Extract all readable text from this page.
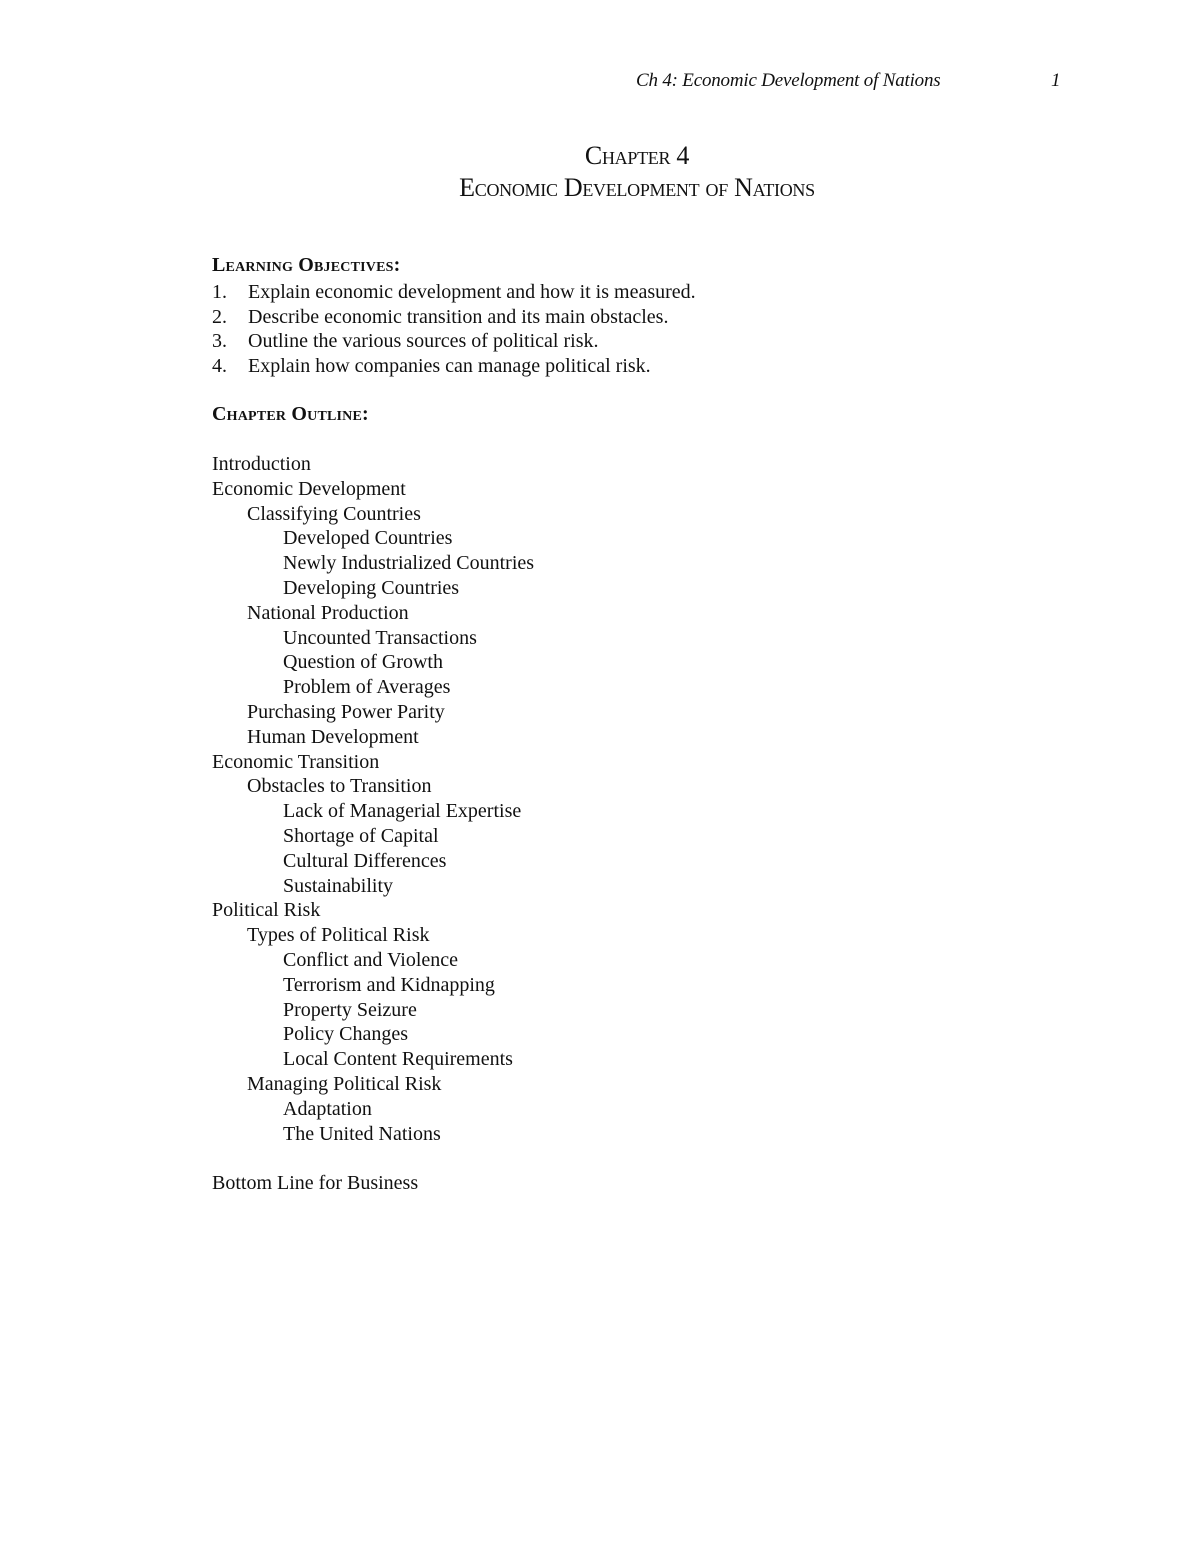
Ch 4: Economic Development of Nations	1
Chapter 4
Economic Development of Nations
Learning Objectives:
1. Explain economic development and how it is measured.
2. Describe economic transition and its main obstacles.
3. Outline the various sources of political risk.
4. Explain how companies can manage political risk.
Chapter Outline:
Introduction
Economic Development
Classifying Countries
Developed Countries
Newly Industrialized Countries
Developing Countries
National Production
Uncounted Transactions
Question of Growth
Problem of Averages
Purchasing Power Parity
Human Development
Economic Transition
Obstacles to Transition
Lack of Managerial Expertise
Shortage of Capital
Cultural Differences
Sustainability
Political Risk
Types of Political Risk
Conflict and Violence
Terrorism and Kidnapping
Property Seizure
Policy Changes
Local Content Requirements
Managing Political Risk
Adaptation
The United Nations
Bottom Line for Business
